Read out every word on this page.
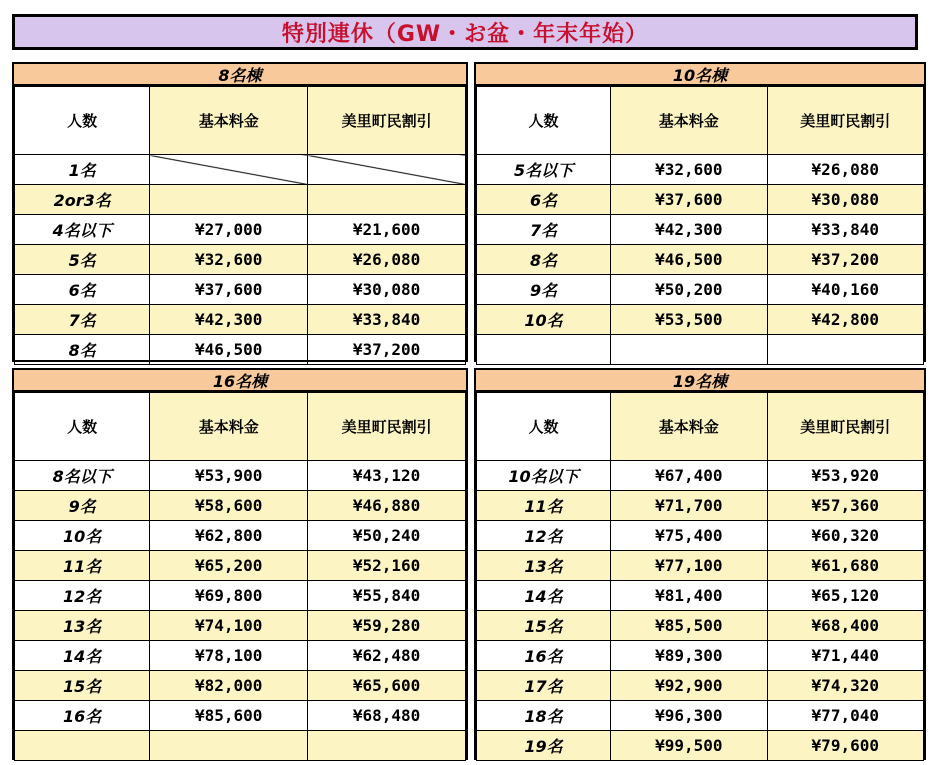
特別連休（GW・お盆・年末年始）
8名棟
人数	基本料金	美里町民割引
1名		
2or3名		
4名以下	¥27,000	¥21,600
5名	¥32,600	¥26,080
6名	¥37,600	¥30,080
7名	¥42,300	¥33,840
8名	¥46,500	¥37,200
10名棟
人数	基本料金	美里町民割引
5名以下	¥32,600	¥26,080
6名	¥37,600	¥30,080
7名	¥42,300	¥33,840
8名	¥46,500	¥37,200
9名	¥50,200	¥40,160
10名	¥53,500	¥42,800

16名棟
人数	基本料金	美里町民割引
8名以下	¥53,900	¥43,120
9名	¥58,600	¥46,880
10名	¥62,800	¥50,240
11名	¥65,200	¥52,160
12名	¥69,800	¥55,840
13名	¥74,100	¥59,280
14名	¥78,100	¥62,480
15名	¥82,000	¥65,600
16名	¥85,600	¥68,480

19名棟
人数	基本料金	美里町民割引
10名以下	¥67,400	¥53,920
11名	¥71,700	¥57,360
12名	¥75,400	¥60,320
13名	¥77,100	¥61,680
14名	¥81,400	¥65,120
15名	¥85,500	¥68,400
16名	¥89,300	¥71,440
17名	¥92,900	¥74,320
18名	¥96,300	¥77,040
19名	¥99,500	¥79,600
